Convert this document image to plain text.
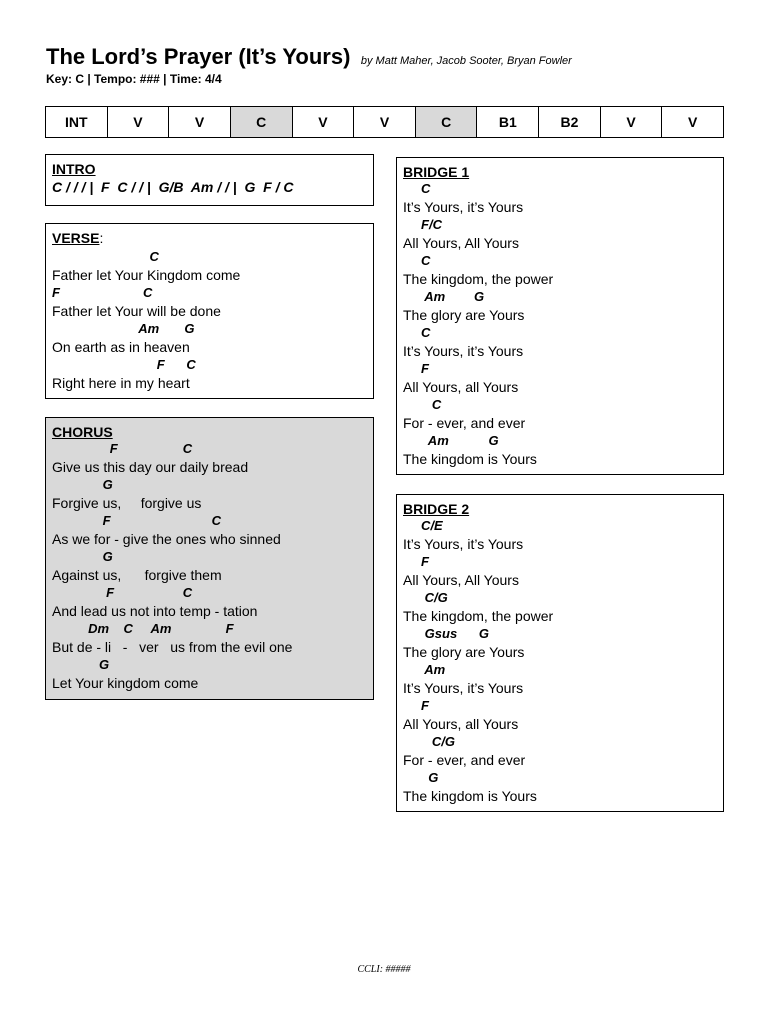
The Lord’s Prayer (It’s Yours) by Matt Maher, Jacob Sooter, Bryan Fowler
Key: C | Tempo: ### | Time: 4/4
INT	V	V	C	V	V	C	B1	B2	V	V
INTRO
C / / / |  F  C / / |  G/B  Am / / |  G  F / C
VERSE:
C
Father let Your Kingdom come
F                       C
Father let Your will be done
Am       G
On earth as in heaven
F      C
Right here in my heart
CHORUS
F                  C
Give us this day our daily bread
G
Forgive us,     forgive us
F                            C
As we for - give the ones who sinned
G
Against us,      forgive them
F                   C
And lead us not into temp - tation
Dm    C     Am               F
But de - li   -   ver   us from the evil one
G
Let Your kingdom come
BRIDGE 1
C
It’s Yours, it’s Yours
F/C
All Yours, All Yours
C
The kingdom, the power
Am        G
The glory are Yours
C
It’s Yours, it’s Yours
F
All Yours, all Yours
C
For - ever, and ever
Am           G
The kingdom is Yours
BRIDGE 2
C/E
It’s Yours, it’s Yours
F
All Yours, All Yours
C/G
The kingdom, the power
Gsus      G
The glory are Yours
Am
It’s Yours, it’s Yours
F
All Yours, all Yours
C/G
For - ever, and ever
G
The kingdom is Yours
CCLI: #####
